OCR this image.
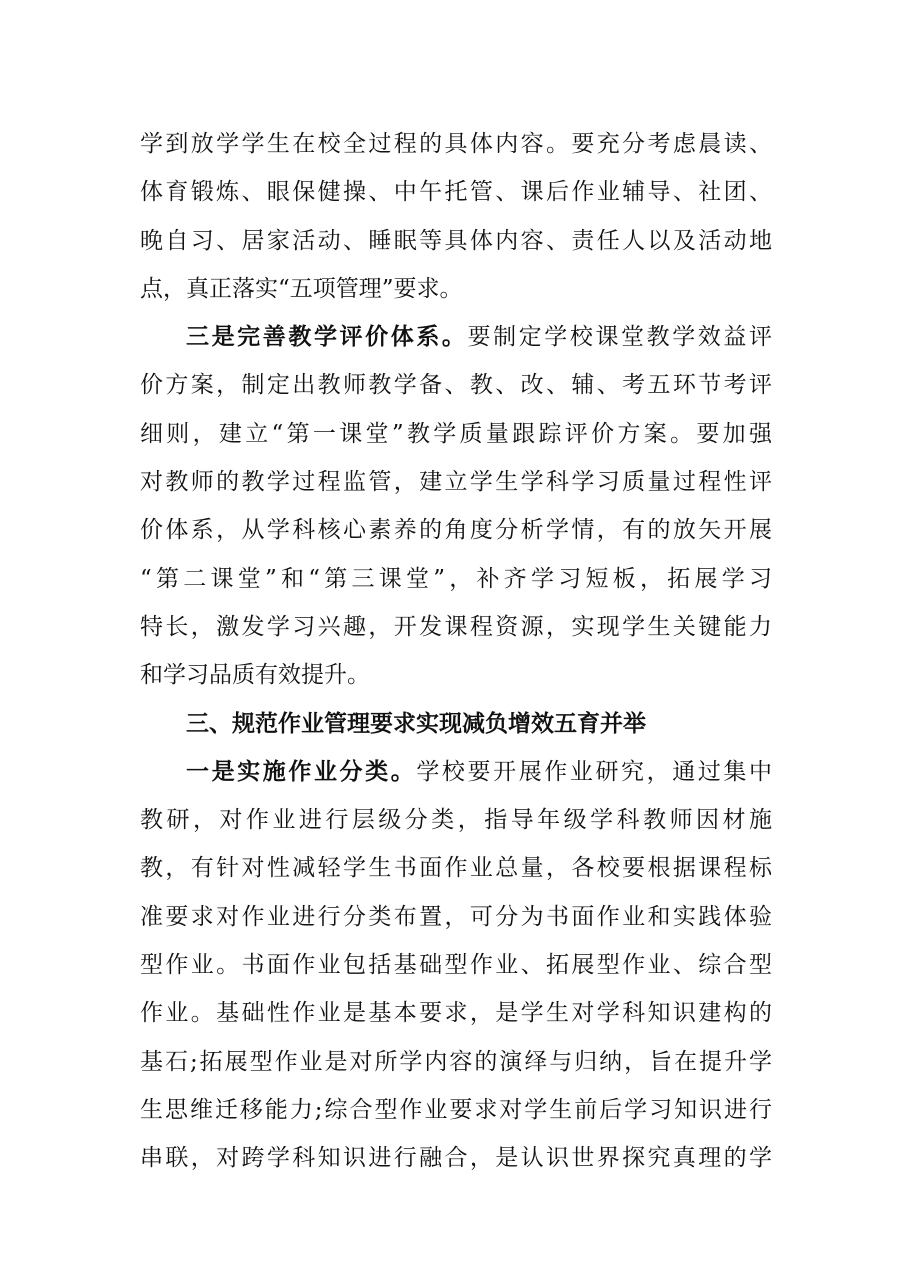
学到放学学生在校全过程的具体内容。要充分考虑晨读、
体育锻炼、眼保健操、中午托管、课后作业辅导、社团、
晚自习、居家活动、睡眠等具体内容、责任人以及活动地
点，真正落实“五项管理”要求。
三是完善教学评价体系。要制定学校课堂教学效益评
价方案，制定出教师教学备、教、改、辅、考五环节考评
细则，建立“第一课堂”教学质量跟踪评价方案。要加强
对教师的教学过程监管，建立学生学科学习质量过程性评
价体系，从学科核心素养的角度分析学情，有的放矢开展
“第二课堂”和“第三课堂”，补齐学习短板，拓展学习
特长，激发学习兴趣，开发课程资源，实现学生关键能力
和学习品质有效提升。
三、规范作业管理要求实现减负增效五育并举
一是实施作业分类。学校要开展作业研究，通过集中
教研，对作业进行层级分类，指导年级学科教师因材施
教，有针对性减轻学生书面作业总量，各校要根据课程标
准要求对作业进行分类布置，可分为书面作业和实践体验
型作业。书面作业包括基础型作业、拓展型作业、综合型
作业。基础性作业是基本要求，是学生对学科知识建构的
基石;拓展型作业是对所学内容的演绎与归纳，旨在提升学
生思维迁移能力;综合型作业要求对学生前后学习知识进行
串联，对跨学科知识进行融合，是认识世界探究真理的学
